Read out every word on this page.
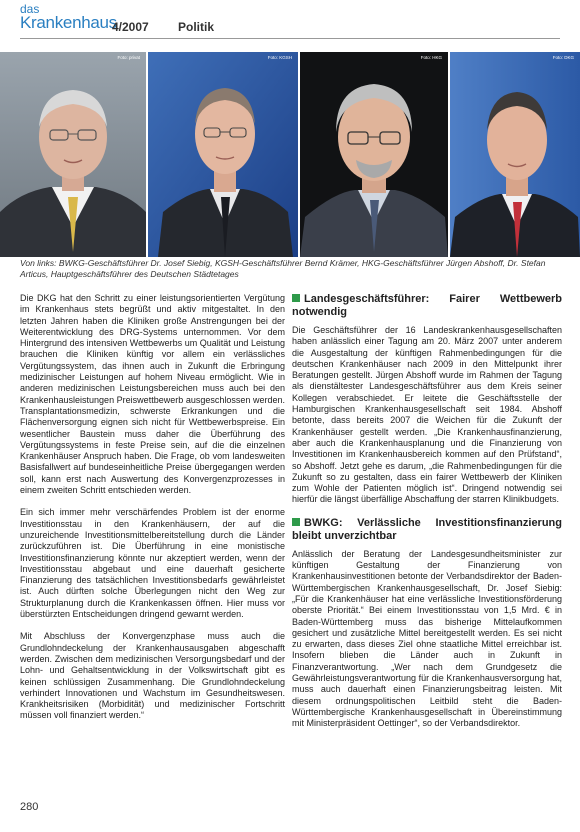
das
Krankenhaus
4/2007 Politik
Foto: privat	Foto: KGSH	Foto: HKG	Foto: DKG
Von links: BWKG-Geschäftsführer Dr. Josef Siebig, KGSH-Geschäftsführer Bernd Krämer, HKG-Geschäftsführer Jürgen Abshoff, Dr. Stefan Articus, Hauptgeschäftsführer des Deutschen Städtetages

Die DKG hat den Schritt zu einer leistungsorientierten Vergütung im Krankenhaus stets begrüßt und aktiv mitgestaltet. In den letzten Jahren haben die Kliniken große Anstrengungen bei der Weiterentwicklung des DRG-Systems unternommen. Vor dem Hintergrund des intensiven Wettbewerbs um Qualität und Leistung brauchen die Kliniken künftig vor allem ein verlässliches Vergütungssystem, das ihnen auch in Zukunft die Erbringung medizinischer Leistungen auf hohem Niveau ermöglicht. Wie in anderen medizinischen Leistungsbereichen muss auch bei den Krankenhausleistungen Preiswettbewerb ausgeschlossen werden. Transplantationsmedizin, schwerste Erkrankungen und die Flächenversorgung eignen sich nicht für Wettbewerbspreise. Ein wesentlicher Baustein muss daher die Überführung des Vergütungssystems in feste Preise sein, auf die die einzelnen Krankenhäuser Anspruch haben. Die Frage, ob vom landesweiten Basisfallwert auf bundeseinheitliche Preise übergegangen werden soll, kann erst nach Auswertung des Konvergenzprozesses in einem zweiten Schritt entschieden werden.

Ein sich immer mehr verschärfendes Problem ist der enorme Investitionsstau in den Krankenhäusern, der auf die unzureichende Investitionsmittelbereitstellung durch die Länder zurückzuführen ist. Die Überführung in eine monistische Investitionsfinanzierung könnte nur akzeptiert werden, wenn der Investitionsstau abgebaut und eine dauerhaft gesicherte Finanzierung des tatsächlichen Investitionsbedarfs gewährleistet ist. Auch dürften solche Überlegungen nicht den Weg zur Strukturplanung durch die Krankenkassen öffnen. Hier muss vor überstürzten Entscheidungen dringend gewarnt werden.

Mit Abschluss der Konvergenzphase muss auch die Grundlohndeckelung der Krankenhausausgaben abgeschafft werden. Zwischen dem medizinischen Versorgungsbedarf und der Lohn- und Gehaltsentwicklung in der Volkswirtschaft gibt es keinen schlüssigen Zusammenhang. Die Grundlohndeckelung verhindert Innovationen und Wachstum im Gesundheitswesen. Krankheitsrisiken (Morbidität) und medizinischer Fortschritt müssen voll finanziert werden.“

Landesgeschäftsführer: Fairer Wettbewerb notwendig

Die Geschäftsführer der 16 Landeskrankenhausgesellschaften haben anlässlich einer Tagung am 20. März 2007 unter anderem die Ausgestaltung der künftigen Rahmenbedingungen für die deutschen Krankenhäuser nach 2009 in den Mittelpunkt ihrer Beratungen gestellt. Jürgen Abshoff wurde im Rahmen der Tagung als dienstältester Landesgeschäftsführer aus dem Kreis seiner Kollegen verabschiedet. Er leitete die Geschäftsstelle der Hamburgischen Krankenhausgesellschaft seit 1984. Abshoff betonte, dass bereits 2007 die Weichen für die Zukunft der Krankenhäuser gestellt werden. „Die Krankenhausfinanzierung, aber auch die Krankenhausplanung und die Finanzierung von Investitionen im Krankenhausbereich kommen auf den Prüfstand“, so Abshoff. Jetzt gehe es darum, „die Rahmenbedingungen für die Zukunft so zu gestalten, dass ein fairer Wettbewerb der Kliniken zum Wohle der Patienten möglich ist“. Dringend notwendig sei hierfür die längst überfällige Abschaffung der starren Klinikbudgets.

BWKG: Verlässliche Investitionsfinanzierung bleibt unverzichtbar

Anlässlich der Beratung der Landesgesundheitsminister zur künftigen Gestaltung der Finanzierung von Krankenhausinvestitionen betonte der Verbandsdirektor der Baden-Württembergischen Krankenhausgesellschaft, Dr. Josef Siebig: „Für die Krankenhäuser hat eine verlässliche Investitionsförderung oberste Priorität.“ Bei einem Investitionsstau von 1,5 Mrd. € in Baden-Württemberg muss das bisherige Mittelaufkommen gesichert und zusätzliche Mittel bereitgestellt werden. Es sei nicht zu erwarten, dass dieses Ziel ohne staatliche Mittel erreichbar ist. Insofern blieben die Länder auch in Zukunft in Finanzverantwortung. „Wer nach dem Grundgesetz die Gewährleistungsverantwortung für die Krankenhausversorgung hat, muss auch dauerhaft einen Finanzierungsbeitrag leisten. Mit diesem ordnungspolitischen Leitbild steht die Baden-Württembergische Krankenhausgesellschaft in Übereinstimmung mit Ministerpräsident Oettinger“, so der Verbandsdirektor.

280
